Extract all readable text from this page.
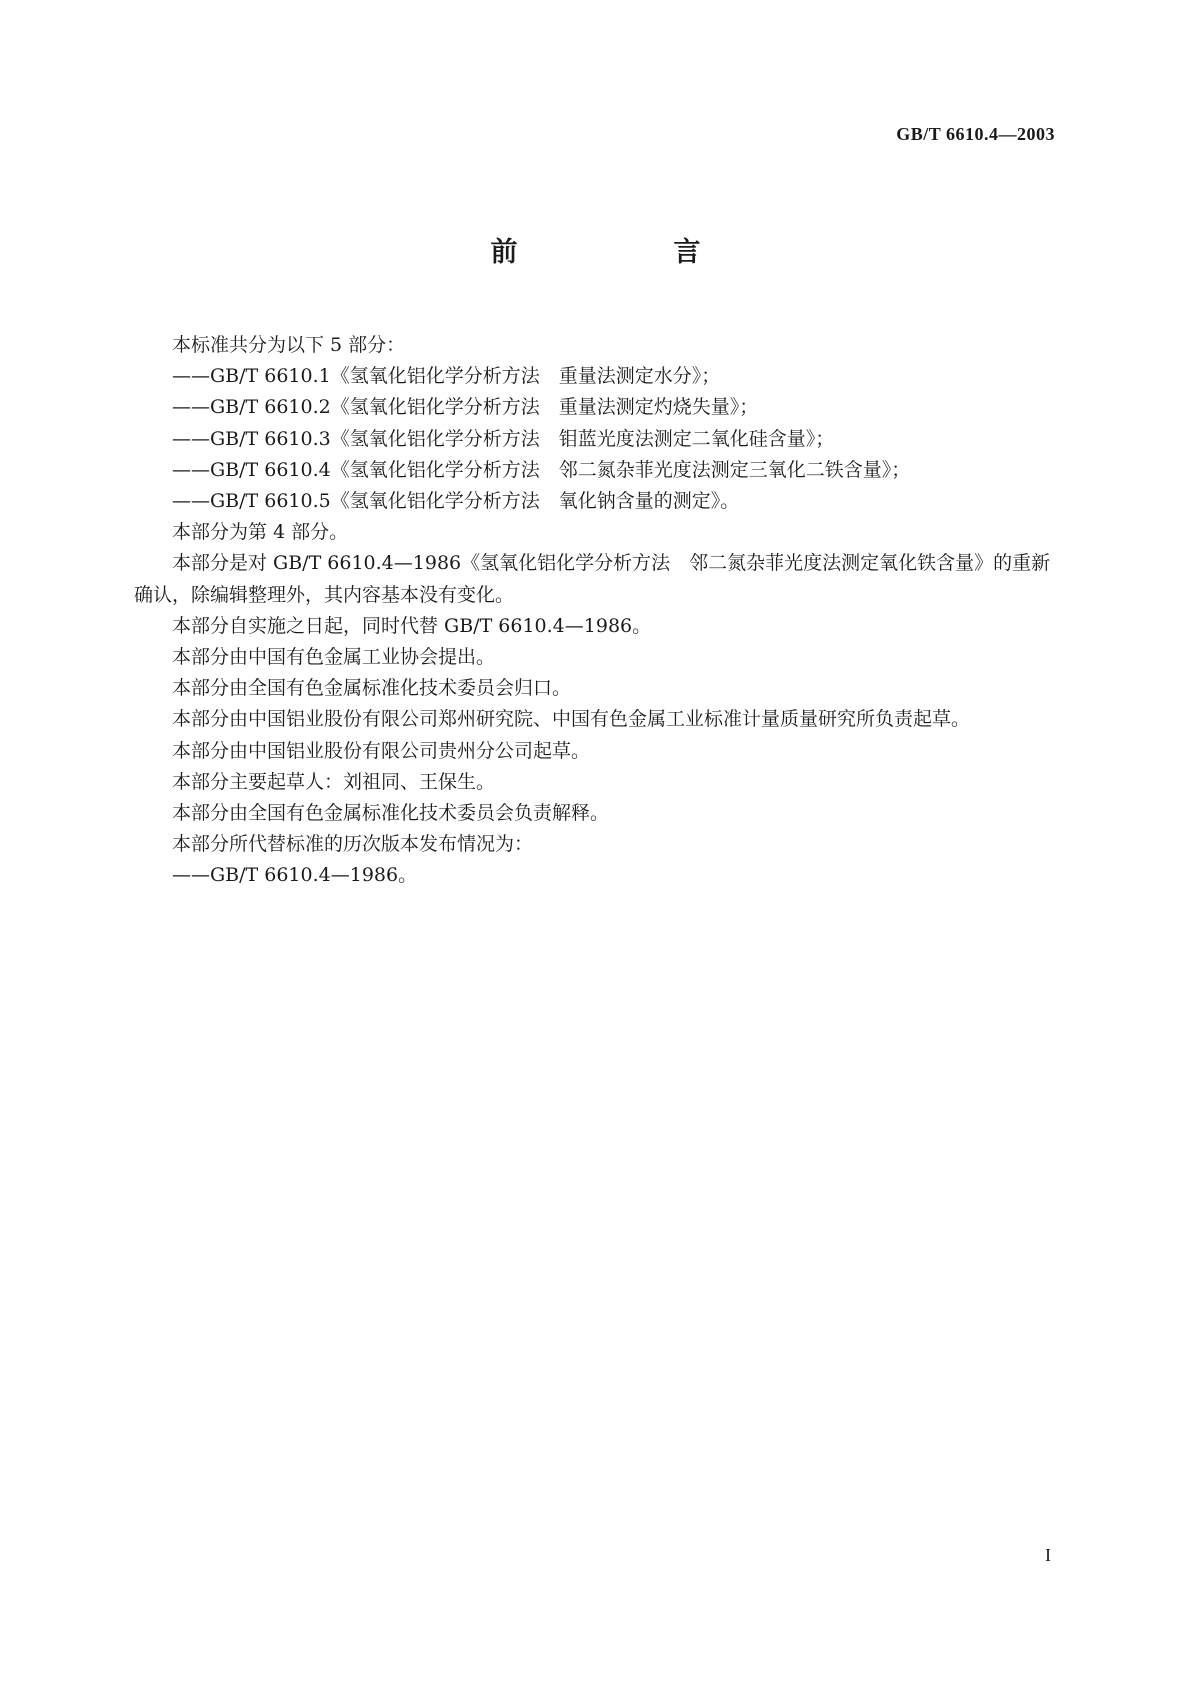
GB/T 6610.4—2003
前　　言

本标准共分为以下 5 部分：

——GB/T 6610.1《氢氧化铝化学分析方法　重量法测定水分》；

——GB/T 6610.2《氢氧化铝化学分析方法　重量法测定灼烧失量》；

——GB/T 6610.3《氢氧化铝化学分析方法　钼蓝光度法测定二氧化硅含量》；

——GB/T 6610.4《氢氧化铝化学分析方法　邻二氮杂菲光度法测定三氧化二铁含量》；

——GB/T 6610.5《氢氧化铝化学分析方法　氧化钠含量的测定》。

本部分为第 4 部分。

本部分是对 GB/T 6610.4—1986《氢氧化铝化学分析方法　邻二氮杂菲光度法测定氧化铁含量》的重新确认，除编辑整理外，其内容基本没有变化。

本部分自实施之日起，同时代替 GB/T 6610.4—1986。

本部分由中国有色金属工业协会提出。

本部分由全国有色金属标准化技术委员会归口。

本部分由中国铝业股份有限公司郑州研究院、中国有色金属工业标准计量质量研究所负责起草。

本部分由中国铝业股份有限公司贵州分公司起草。

本部分主要起草人：刘祖同、王保生。

本部分由全国有色金属标准化技术委员会负责解释。

本部分所代替标准的历次版本发布情况为：

——GB/T 6610.4—1986。

I
